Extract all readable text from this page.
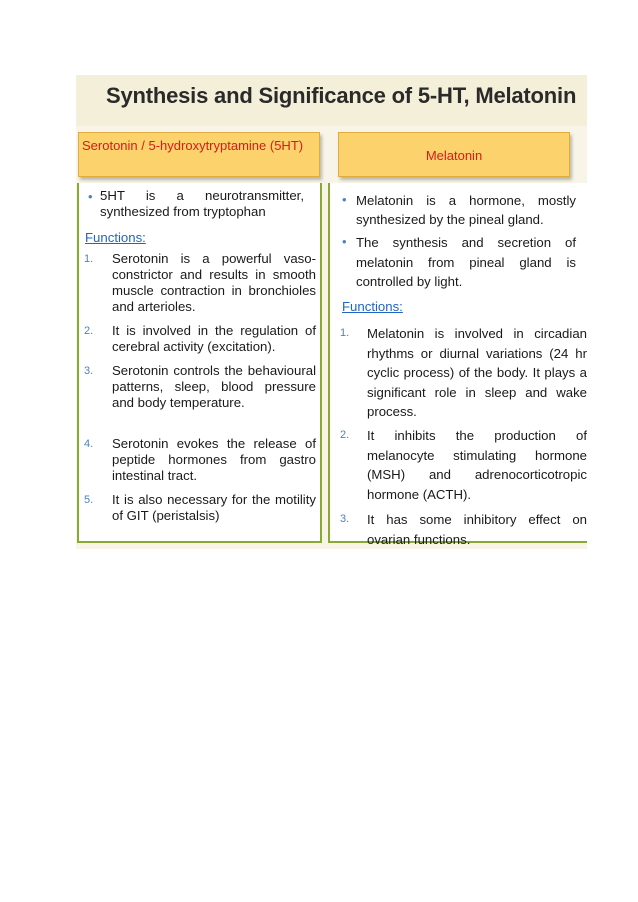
Synthesis and Significance of 5-HT, Melatonin
Serotonin / 5-hydroxytryptamine (5HT)
Melatonin
• 5HT is a neurotransmitter, synthesized from tryptophan
Functions:
1. Serotonin is a powerful vaso-constrictor and results in smooth muscle contraction in bronchioles and arterioles.
2. It is involved in the regulation of cerebral activity (excitation).
3. Serotonin controls the behavioural patterns, sleep, blood pressure and body temperature.
4. Serotonin evokes the release of peptide hormones from gastro intestinal tract.
5. It is also necessary for the motility of GIT (peristalsis)
• Melatonin is a hormone, mostly synthesized by the pineal gland.
• The synthesis and secretion of melatonin from pineal gland is controlled by light.
Functions:
1. Melatonin is involved in circadian rhythms or diurnal variations (24 hr cyclic process) of the body. It plays a significant role in sleep and wake process.
2. It inhibits the production of melanocyte stimulating hormone (MSH) and adrenocorticotropic hormone (ACTH).
3. It has some inhibitory effect on ovarian functions.
